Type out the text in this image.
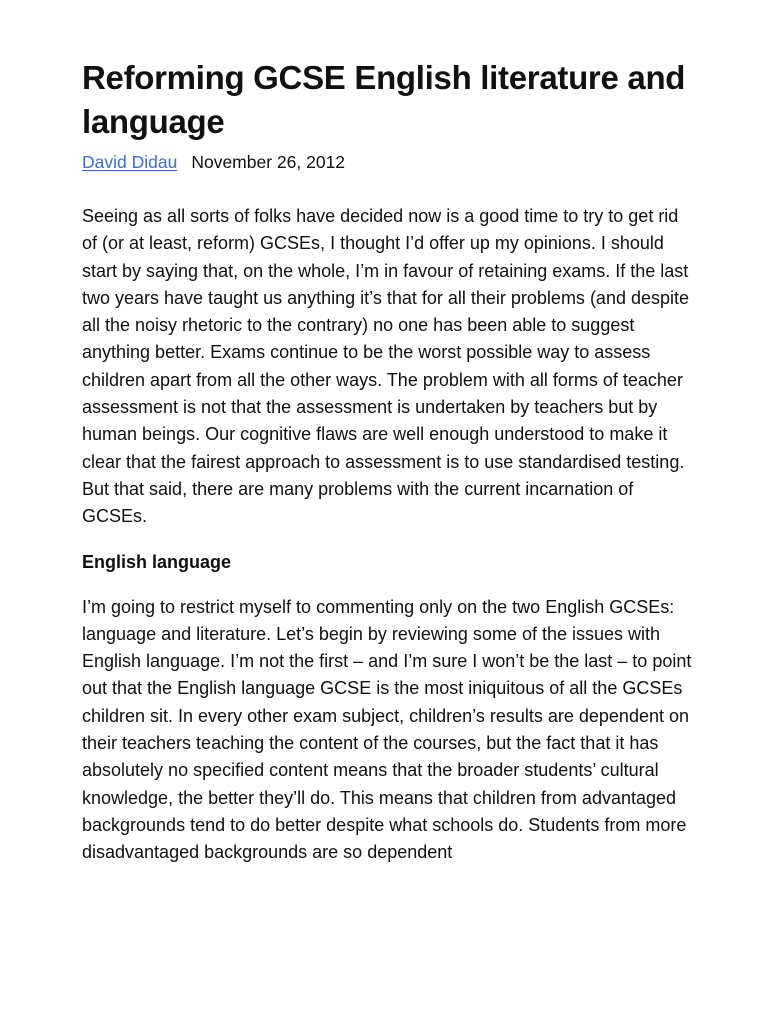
Reforming GCSE English literature and language
David Didau November 26, 2012

Seeing as all sorts of folks have decided now is a good time to try to get rid of (or at least, reform) GCSEs, I thought I’d offer up my opinions. I should start by saying that, on the whole, I’m in favour of retaining exams. If the last two years have taught us anything it’s that for all their problems (and despite all the noisy rhetoric to the contrary) no one has been able to suggest anything better. Exams continue to be the worst possible way to assess children apart from all the other ways. The problem with all forms of teacher assessment is not that the assessment is undertaken by teachers but by human beings. Our cognitive flaws are well enough understood to make it clear that the fairest approach to assessment is to use standardised testing. But that said, there are many problems with the current incarnation of GCSEs.

English language

I’m going to restrict myself to commenting only on the two English GCSEs: language and literature. Let’s begin by reviewing some of the issues with English language. I’m not the first – and I’m sure I won’t be the last – to point out that the English language GCSE is the most iniquitous of all the GCSEs children sit. In every other exam subject, children’s results are dependent on their teachers teaching the content of the courses, but the fact that it has absolutely no specified content means that the broader students’ cultural knowledge, the better they’ll do. This means that children from advantaged backgrounds tend to do better despite what schools do. Students from more disadvantaged backgrounds are so dependent
